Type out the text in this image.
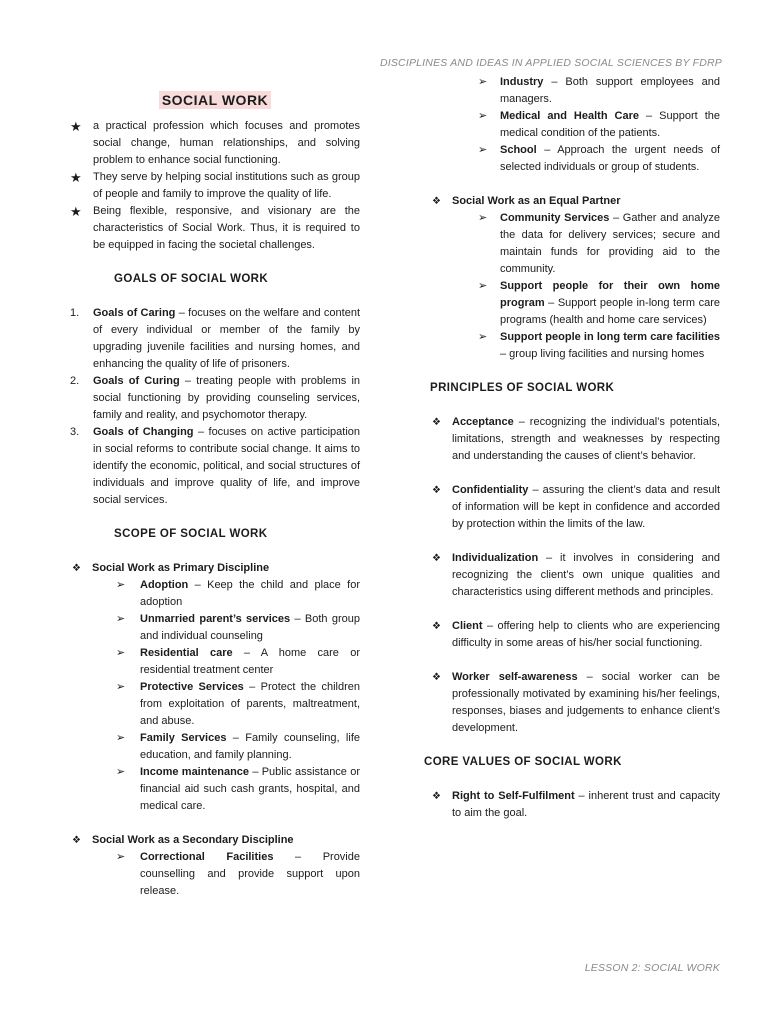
DISCIPLINES AND IDEAS IN APPLIED SOCIAL SCIENCES BY FDRP
SOCIAL WORK
★ a practical profession which focuses and promotes social change, human relationships, and solving problem to enhance social functioning.
★ They serve by helping social institutions such as group of people and family to improve the quality of life.
★ Being flexible, responsive, and visionary are the characteristics of Social Work. Thus, it is required to be equipped in facing the societal challenges.
GOALS OF SOCIAL WORK
1. Goals of Caring – focuses on the welfare and content of every individual or member of the family by upgrading juvenile facilities and nursing homes, and enhancing the quality of life of prisoners.
2. Goals of Curing – treating people with problems in social functioning by providing counseling services, family and reality, and psychomotor therapy.
3. Goals of Changing – focuses on active participation in social reforms to contribute social change. It aims to identify the economic, political, and social structures of individuals and improve quality of life, and improve social services.
SCOPE OF SOCIAL WORK
❖ Social Work as Primary Discipline
➢ Adoption – Keep the child and place for adoption
➢ Unmarried parent’s services – Both group and individual counseling
➢ Residential care – A home care or residential treatment center
➢ Protective Services – Protect the children from exploitation of parents, maltreatment, and abuse.
➢ Family Services – Family counseling, life education, and family planning.
➢ Income maintenance – Public assistance or financial aid such cash grants, hospital, and medical care.
❖ Social Work as a Secondary Discipline
➢ Correctional Facilities – Provide counselling and provide support upon release.
➢ Industry – Both support employees and managers.
➢ Medical and Health Care – Support the medical condition of the patients.
➢ School – Approach the urgent needs of selected individuals or group of students.
❖ Social Work as an Equal Partner
➢ Community Services – Gather and analyze the data for delivery services; secure and maintain funds for providing aid to the community.
➢ Support people for their own home program – Support people in-long term care programs (health and home care services)
➢ Support people in long term care facilities – group living facilities and nursing homes
PRINCIPLES OF SOCIAL WORK
❖ Acceptance – recognizing the individual’s potentials, limitations, strength and weaknesses by respecting and understanding the causes of client’s behavior.
❖ Confidentiality – assuring the client’s data and result of information will be kept in confidence and accorded by protection within the limits of the law.
❖ Individualization – it involves in considering and recognizing the client’s own unique qualities and characteristics using different methods and principles.
❖ Client – offering help to clients who are experiencing difficulty in some areas of his/her social functioning.
❖ Worker self-awareness – social worker can be professionally motivated by examining his/her feelings, responses, biases and judgements to enhance client’s development.
CORE VALUES OF SOCIAL WORK
❖ Right to Self-Fulfilment – inherent trust and capacity to aim the goal.
LESSON 2: SOCIAL WORK
